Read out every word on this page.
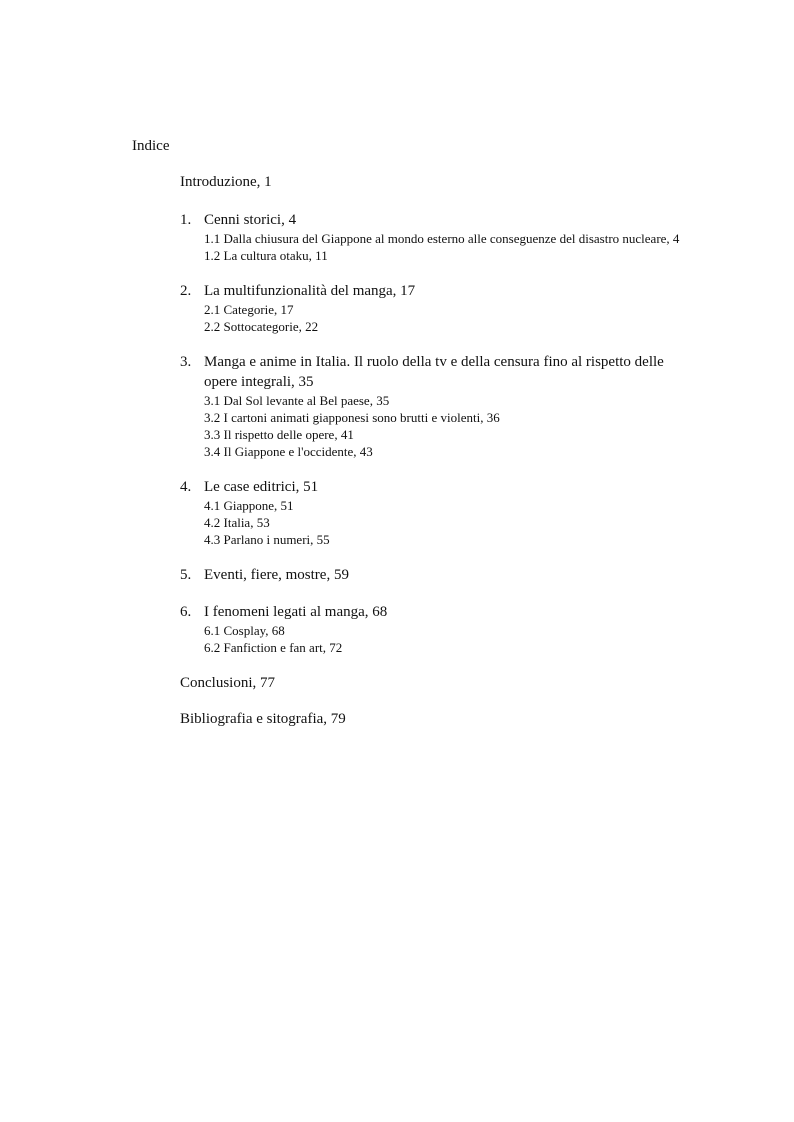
Indice
Introduzione, 1
1. Cenni storici, 4
1.1 Dalla chiusura del Giappone al mondo esterno alle conseguenze del disastro nucleare, 4
1.2 La cultura otaku, 11
2. La multifunzionalità del manga, 17
2.1 Categorie, 17
2.2 Sottocategorie, 22
3. Manga e anime in Italia. Il ruolo della tv e della censura fino al rispetto delle opere integrali, 35
3.1 Dal Sol levante al Bel paese, 35
3.2 I cartoni animati giapponesi sono brutti e violenti, 36
3.3 Il rispetto delle opere, 41
3.4 Il Giappone e l'occidente, 43
4. Le case editrici, 51
4.1 Giappone, 51
4.2 Italia, 53
4.3 Parlano i numeri, 55
5. Eventi, fiere, mostre, 59
6. I fenomeni legati al manga, 68
6.1 Cosplay, 68
6.2 Fanfiction e fan art, 72
Conclusioni, 77
Bibliografia e sitografia, 79
